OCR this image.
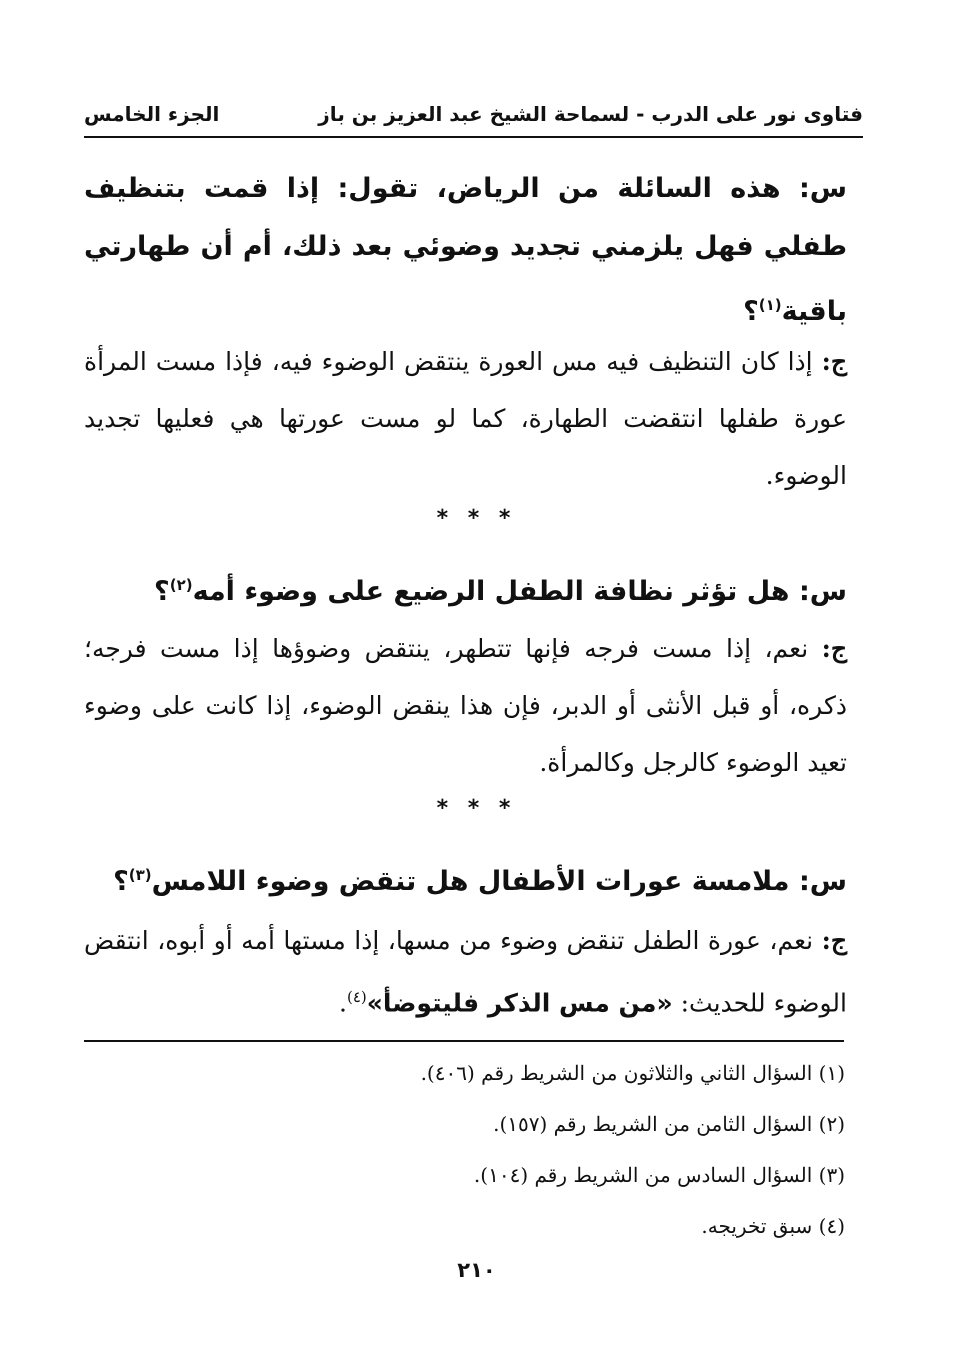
فتاوى نور على الدرب - لسماحة الشيخ عبد العزيز بن باز
الجزء الخامس
س: هذه السائلة من الرياض، تقول: إذا قمت بتنظيف طفلي فهل يلزمني تجديد وضوئي بعد ذلك، أم أن طهارتي باقية$^{(١)}$؟
ج: إذا كان التنظيف فيه مس العورة ينتقض الوضوء فيه، فإذا مست المرأة عورة طفلها انتقضت الطهارة، كما لو مست عورتها هي فعليها تجديد الوضوء.
* * *
س: هل تؤثر نظافة الطفل الرضيع على وضوء أمه$^{(٢)}$؟
ج: نعم، إذا مست فرجه فإنها تتطهر، ينتقض وضوؤها إذا مست فرجه؛ ذكره، أو قبل الأنثى أو الدبر، فإن هذا ينقض الوضوء، إذا كانت على وضوء تعيد الوضوء كالرجل وكالمرأة.
* * *
س: ملامسة عورات الأطفال هل تنقض وضوء اللامس$^{(٣)}$؟
ج: نعم، عورة الطفل تنقض وضوء من مسها، إذا مستها أمه أو أبوه، انتقض الوضوء للحديث: «من مس الذكر فليتوضأ»$^{(٤)}$.
(١) السؤال الثاني والثلاثون من الشريط رقم (٤٠٦).
(٢) السؤال الثامن من الشريط رقم (١٥٧).
(٣) السؤال السادس من الشريط رقم (١٠٤).
(٤) سبق تخريجه.
٢١٠
